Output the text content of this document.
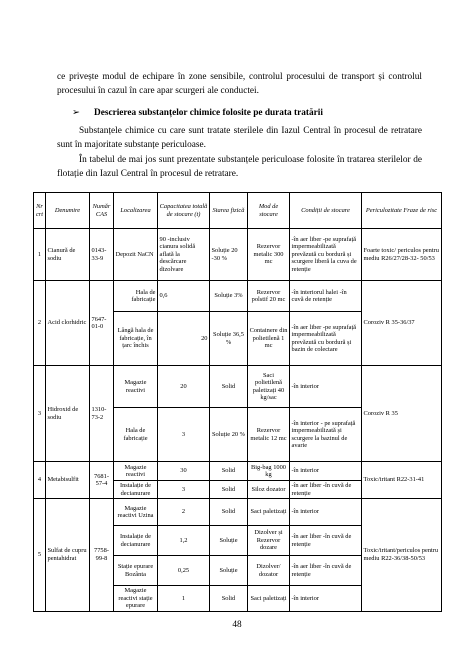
ce privește modul de echipare în zone sensibile, controlul procesului de transport și controlul procesului în cazul în care apar scurgeri ale conductei.
➢ Descrierea substanțelor chimice folosite pe durata tratării
Substanțele chimice cu care sunt tratate sterilele din Iazul Central în procesul de retratare sunt în majoritate substanțe periculoase.
În tabelul de mai jos sunt prezentate substanțele periculoase folosite în tratarea sterilelor de flotație din Iazul Central în procesul de retratare.
Nr crt	Denumire	Număr CAS	Localizarea	Capacitatea totală de stocare (t)	Starea fizică	Mod de stocare	Condiții de stocare	Periculozitate Fraze de risc
1	Cianură de sodiu	0143-33-9	Depozit NaCN	90 -inclusiv cianura solidă aflată la descărcare dizolvare	Soluție 20 -30 %	Rezervor metalic 300 mc	-în aer liber -pe suprafață impermeabilizată prevăzută cu bordură și scurgere liberă la cuva de retenție	Foarte toxic/ periculos pentru mediu R26/27/28-32- 50/53
2	Acid clorhidric	7647-01-0	Hala de fabricație	0,6	Soluție 3%	Rezervor polstif 20 mc	-în interiorul halei -în cuvă de retenție	Coroziv R 35-36/37
			Lângă hala de fabricație, în țarc închis	20	Soluție 36,5 %	Containere din polietilenă 1 mc	-în aer liber -pe suprafață impermeabilizată prevăzută cu bordură și bazin de colectare	
3	Hidroxid de sodiu	1310-73-2	Magazie reactivi	20	Solid	Saci polietilenă paletizați 40 kg/sac	-în interior	Coroziv R 35
			Hala de fabricație	3	Soluție 20 %	Rezervor metalic 12 mc	-în interior - pe suprafață impermeabilizată și scurgere la bazinul de avarie	
4	Metabisulfit	7681-57-4	Magazie reactivi	30	Solid	Big-bag 1000 kg	-în interior	Toxic/iritant R22-31-41
			Instalație de decianurare	3	Solid	Siloz dozator	-în aer liber -în cuvă de retenție	
5	Sulfat de cupru pentahidrat	7758-99-8	Magazie reactivi Uzina	2	Solid	Saci paletizați	-în interior	Toxic/iritant/periculos pentru mediu R22-36/38-50/53
			Instalație de decianurare	1,2	Soluție	Dizolver și Rezervor dozare	-în aer liber -în cuvă de retenție	
			Stație epurare Bozânta	0,25	Soluție	Dizolver/ dozator	-în aer liber -în cuvă de retenție	
			Magazie reactivi stație epurare	1	Solid	Saci paletizați	-în interior	
48
